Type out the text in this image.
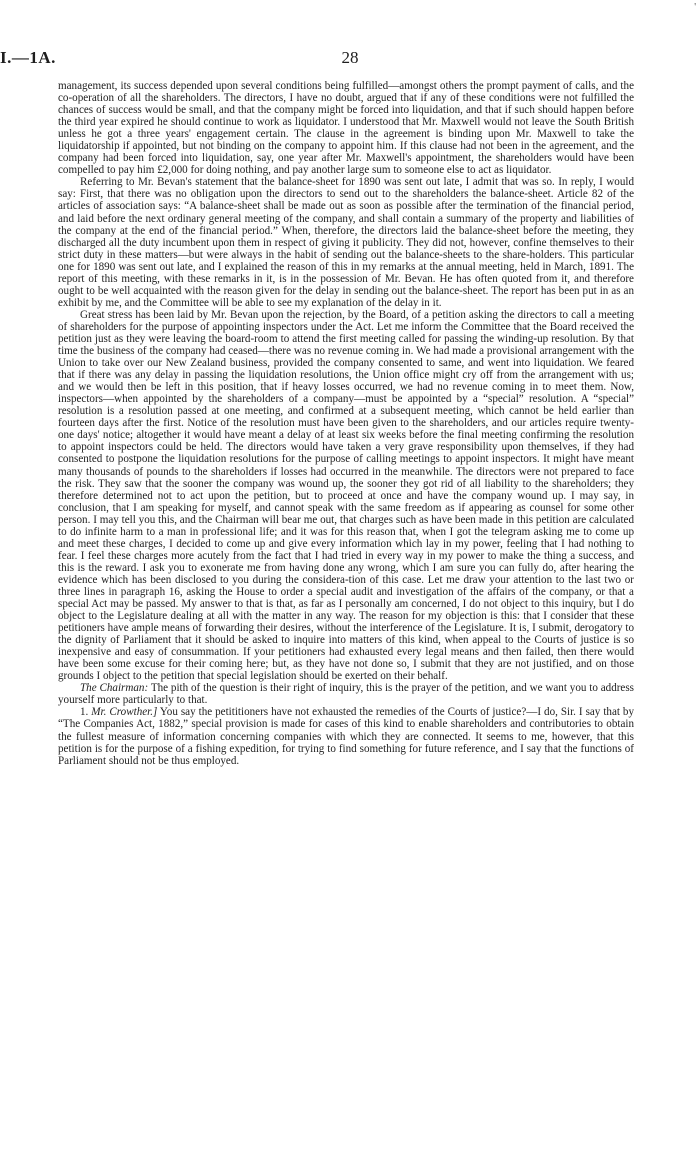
'
I.—1A.	28

management, its success depended upon several conditions being fulfilled—amongst others the prompt payment of calls, and the co-operation of all the shareholders. The directors, I have no doubt, argued that if any of these conditions were not fulfilled the chances of success would be small, and that the company might be forced into liquidation, and that if such should happen before the third year expired he should continue to work as liquidator. I understood that Mr. Maxwell would not leave the South British unless he got a three years' engagement certain. The clause in the agreement is binding upon Mr. Maxwell to take the liquidatorship if appointed, but not binding on the company to appoint him. If this clause had not been in the agreement, and the company had been forced into liquidation, say, one year after Mr. Maxwell's appointment, the shareholders would have been compelled to pay him £2,000 for doing nothing, and pay another large sum to someone else to act as liquidator.

Referring to Mr. Bevan's statement that the balance-sheet for 1890 was sent out late, I admit that was so. In reply, I would say: First, that there was no obligation upon the directors to send out to the shareholders the balance-sheet. Article 82 of the articles of association says: “A balance-sheet shall be made out as soon as possible after the termination of the financial period, and laid before the next ordinary general meeting of the company, and shall contain a summary of the property and liabilities of the company at the end of the financial period.” When, therefore, the directors laid the balance-sheet before the meeting, they discharged all the duty incumbent upon them in respect of giving it publicity. They did not, however, confine themselves to their strict duty in these matters—but were always in the habit of sending out the balance-sheets to the share-holders. This particular one for 1890 was sent out late, and I explained the reason of this in my remarks at the annual meeting, held in March, 1891. The report of this meeting, with these remarks in it, is in the possession of Mr. Bevan. He has often quoted from it, and therefore ought to be well acquainted with the reason given for the delay in sending out the balance-sheet. The report has been put in as an exhibit by me, and the Committee will be able to see my explanation of the delay in it.

Great stress has been laid by Mr. Bevan upon the rejection, by the Board, of a petition asking the directors to call a meeting of shareholders for the purpose of appointing inspectors under the Act. Let me inform the Committee that the Board received the petition just as they were leaving the board-room to attend the first meeting called for passing the winding-up resolution. By that time the business of the company had ceased—there was no revenue coming in. We had made a provisional arrangement with the Union to take over our New Zealand business, provided the company consented to same, and went into liquidation. We feared that if there was any delay in passing the liquidation resolutions, the Union office might cry off from the arrangement with us; and we would then be left in this position, that if heavy losses occurred, we had no revenue coming in to meet them. Now, inspectors—when appointed by the shareholders of a company—must be appointed by a “special” resolution. A “special” resolution is a resolution passed at one meeting, and confirmed at a subsequent meeting, which cannot be held earlier than fourteen days after the first. Notice of the resolution must have been given to the shareholders, and our articles require twenty-one days' notice; altogether it would have meant a delay of at least six weeks before the final meeting confirming the resolution to appoint inspectors could be held. The directors would have taken a very grave responsibility upon themselves, if they had consented to postpone the liquidation resolutions for the purpose of calling meetings to appoint inspectors. It might have meant many thousands of pounds to the shareholders if losses had occurred in the meanwhile. The directors were not prepared to face the risk. They saw that the sooner the company was wound up, the sooner they got rid of all liability to the shareholders; they therefore determined not to act upon the petition, but to proceed at once and have the company wound up. I may say, in conclusion, that I am speaking for myself, and cannot speak with the same freedom as if appearing as counsel for some other person. I may tell you this, and the Chairman will bear me out, that charges such as have been made in this petition are calculated to do infinite harm to a man in professional life; and it was for this reason that, when I got the telegram asking me to come up and meet these charges, I decided to come up and give every information which lay in my power, feeling that I had nothing to fear. I feel these charges more acutely from the fact that I had tried in every way in my power to make the thing a success, and this is the reward. I ask you to exonerate me from having done any wrong, which I am sure you can fully do, after hearing the evidence which has been disclosed to you during the considera-tion of this case. Let me draw your attention to the last two or three lines in paragraph 16, asking the House to order a special audit and investigation of the affairs of the company, or that a special Act may be passed. My answer to that is that, as far as I personally am concerned, I do not object to this inquiry, but I do object to the Legislature dealing at all with the matter in any way. The reason for my objection is this: that I consider that these petitioners have ample means of forwarding their desires, without the interference of the Legislature. It is, I submit, derogatory to the dignity of Parliament that it should be asked to inquire into matters of this kind, when appeal to the Courts of justice is so inexpensive and easy of consummation. If your petitioners had exhausted every legal means and then failed, then there would have been some excuse for their coming here; but, as they have not done so, I submit that they are not justified, and on those grounds I object to the petition that special legislation should be exerted on their behalf.

The Chairman: The pith of the question is their right of inquiry, this is the prayer of the petition, and we want you to address yourself more particularly to that.

1. Mr. Crowther.] You say the petititioners have not exhausted the remedies of the Courts of justice?—I do, Sir. I say that by “The Companies Act, 1882,” special provision is made for cases of this kind to enable shareholders and contributories to obtain the fullest measure of information concerning companies with which they are connected. It seems to me, however, that this petition is for the purpose of a fishing expedition, for trying to find something for future reference, and I say that the functions of Parliament should not be thus employed.
